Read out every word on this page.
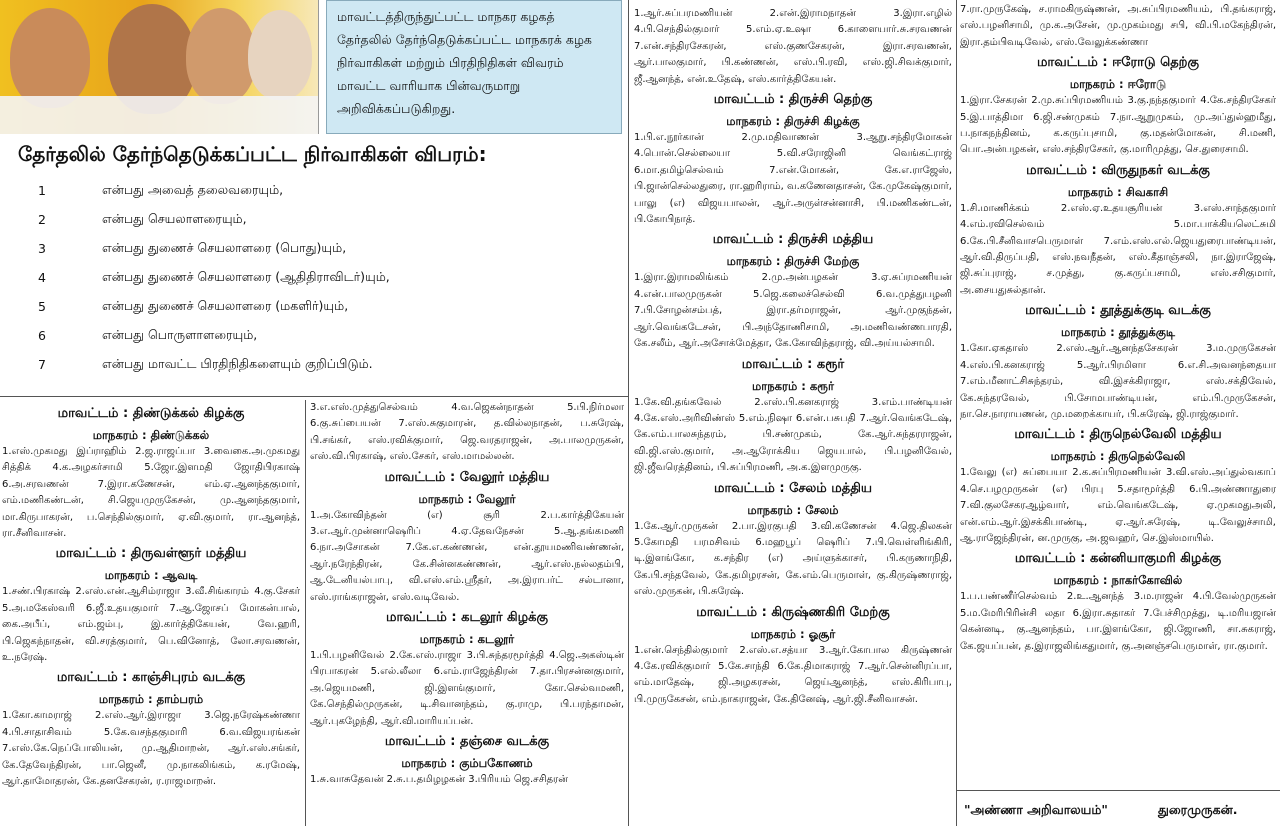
மாவட்டத்திருந்துட்பட்ட மாநகர கழகத் தேர்தலில் தேர்ந்தெடுக்கப்பட்ட மாநகரக் கழக நிர்வாகிகள் மற்றும் பிரதிநிதிகள் விவரம் மாவட்ட வாரியாக பின்வருமாறு அறிவிக்கப்படுகிறது.
தேர்தலில் தேர்ந்தெடுக்கப்பட்ட நிர்வாகிகள் விபரம்:
1	என்பது அவைத் தலைவரையும்,
2	என்பது செயலாளரையும்,
3	என்பது துணைச் செயலாளரை (பொது)யும்,
4	என்பது துணைச் செயலாளரை (ஆதிதிராவிடர்)யும்,
5	என்பது துணைச் செயலாளரை (மகளிர்)யும்,
6	என்பது பொருளாளரையும்,
7	என்பது மாவட்ட பிரதிநிதிகளையும் குறிப்பிடும்.
மாவட்டம் : திண்டுக்கல் கிழக்கு
மாநகரம் : திண்டுக்கல்

1.எஸ்.முகமது இப்ராஹிம் 2.ஜ.ராஜப்பா 3.வைகை.அ.முகமது சித்திக் 4.க.அழகர்சாமி 5.ஜோ.இளமதி ஜோதிபிரகாஷ் 6.அ.சரவணன் 7.இரா.கணேசன், எம்.ஏ.ஆனந்தகுமார், எம்.மணிகண்டன், சி.ஜெயமுருகேசன், மு.ஆனந்தகுமார், மா.கிருபாகரன், ப.செந்தில்குமார், ஏ.வி.குமார், ரா.ஆனந்த், ரா.சீனிவாசன்.

மாவட்டம் : திருவள்ளூர் மத்திய
மாநகரம் : ஆவடி

1.சண்.பிரகாஷ் 2.எஸ்.என்.ஆசிம்ராஜா 3.வீ.சிங்காரம் 4.கு.சேகர் 5.அ.மகேஸ்வரி 6.ஜீ.உதயகுமார் 7.ஆ.ஜோசப் மோகன்பால், கை.அபீப், எம்.ஜம்பு, இ.கார்த்திகேயன், வே.ஹரி, பி.ஜெகந்நாதன், வி.சரத்குமார், பெ.வினோத், லோ.சரவணன், உ.நரேஷ்.

மாவட்டம் : காஞ்சிபுரம் வடக்கு
மாநகரம் : தாம்பரம்

1.கோ.காமராஜ் 2.எஸ்.ஆர்.இராஜா 3.ஜெ.நரேஷ்கண்ணா 4.பி.சாதாசிவம் 5.கே.வசந்தகுமாரி 6.வ.விஜயரங்கன் 7.எஸ்.கே.நெப்போலியன், மு.ஆதிமாறன், ஆர்.எஸ்.சங்கர், கே.தேவேந்திரன், பா.ஜெனீ, மு.நாகலிங்கம், க.ரமேஷ், ஆர்.தாமோதரன், கே.தனசேகரன், ர.ராஜமாறன்.

3.எ.எஸ்.முத்துசெல்வம் 4.வ.ஜெகன்நாதன் 5.பி.நிர்மலா 6.கு.சுப்பையன் 7.எஸ்.சுகுமாரன், த.வில்லநாதன், ப.சுரேஷ், பி.சங்கர், எஸ்.ரவிக்குமார், ஜெ.வரதராஜன், அ.பாலமுருகன், எஸ்.வி.பிரகாஷ், எஸ்.சேகர், எஸ்.மாமல்லன்.

மாவட்டம் : வேலூர் மத்திய
மாநகரம் : வேலூர்

1.அ.கோவிந்தன் (எ) சூரி 2.ப.கார்த்திகேயன் 3.எ.ஆர்.முன்னாஷெரிப் 4.ஏ.தேவநேசன் 5.ஆ.தங்கமணி 6.நா.அசோகன் 7.கே.எ.கண்ணன், என்.தூயமணிவண்ணன், ஆர்.நரேந்திரன், கே.சின்னகண்ணன், ஆர்.எஸ்.நல்லதம்பி, ஆ.டேனியல்பாபு, வி.எஸ்.எம்.ஸ்ரீதர், அ.இராபர்ட் சல்டானா, எஸ்.ராங்கராஜன், எஸ்.வடிவேல்.

மாவட்டம் : கடலூர் கிழக்கு
மாநகரம் : கடலூர்

1.பி.பழனிவேல் 2.கே.எஸ்.ராஜா 3.பி.சுந்தரமூர்த்தி 4.ஜெ.அகஸ்டின் பிரபாகரன் 5.எல்.லீலா 6.எம்.ராஜேந்திரன் 7.தா.பிரசன்னகுமார், அ.ஜெயமணி, ஜி.இளங்குமார், கோ.செல்வமணி, கே.செந்தில்முருகன், டி.சிவானந்தம், கு.ராமு, பி.பரந்தாமன், ஆர்.புகழேந்தி, ஆர்.வி.மாரியப்பன்.

மாவட்டம் : தஞ்சை வடக்கு
மாநகரம் : கும்பகோணம்

1.சு.வாசுதேவன் 2.சு.ப.தமிழழகன் 3.பிரியம் ஜெ.சசிதரன்

1.ஆர்.சுப்பரமணியன் 2.என்.இராமநாதன் 3.இரா.எழில் 4.பி.செந்தில்குமார் 5.எம்.ஏ.உஷா 6.காளையார்.சு.சரவணன் 7.என்.சந்திரசேகரன், எஸ்.குணசேகரன், இரா.சரவணன், ஆர்.பாலகுமார், பி.கண்ணன், எஸ்.பி.ரவி, எஸ்.ஜி.சிவக்குமார், ஜீ.ஆனந்த், என்.உதேஷ், எஸ்.கார்த்திகேயன்.

மாவட்டம் : திருச்சி தெற்கு
மாநகரம் : திருச்சி கிழக்கு

1.பி.எ.நூர்கான் 2.மு.மதிவாணன் 3.ஆறு.சந்திரமோகன் 4.பொன்.செல்லையா 5.வி.சரோஜினி வெங்கட்ராஜ் 6.மா.தமிழ்செல்வம் 7.என்.மோகன், கே.எ.ராஜேஸ், பி.ஜான்செல்லதுரை, ரா.ஹரிராம், வ.கணேனதாசன், கே.முகேஷ்குமார், பாலு (எ) விஜயபாலன், ஆர்.அருள்சன்னாசி, பி.மணிகண்டன், பி.கோபிநாத்.

மாவட்டம் : திருச்சி மத்திய
மாநகரம் : திருச்சி மேற்கு

1.இரா.இராமலிங்கம் 2.மு.அன்பழகன் 3.ஏ.சுப்ரமணியன் 4.என்.பாலமுருகன் 5.ஜெ.கலைச்செல்வி 6.வ.முத்துபழனி 7.பி.சோழன்சம்பத், இரா.தர்மராஜன், ஆர்.முகுந்தன், ஆர்.வெங்கடேசன், பி.அந்தோணிசாமி, அ.மணிவண்ணபாரதி, கே.சலீம், ஆர்.அசோக்மேத்தா, கே.கோவிந்தராஜ், வி.அய்யல்சாமி.

மாவட்டம் : கரூர்
மாநகரம் : கரூர்

1.கே.வி.தங்கவேல் 2.எஸ்.பி.கனகராஜ் 3.எம்.பாண்டியன் 4.கே.எஸ்.அரிவிண்ஸ் 5.எம்.நிஷா 6.என்.பசுபதி 7.ஆர்.வெங்கடேஷ், கே.எம்.பாலசுந்தரம், பி.சண்முகம், கே.ஆர்.சுந்தரராஜன், வி.ஜி.எஸ்.குமார், அ.ஆரோக்கிய ஜெயபால், பி.பழனிவேல், ஜி.ஜீவரெத்தினம், பி.சுப்பிரமணி, அ.க.இளமுருகு.

மாவட்டம் : சேலம் மத்திய
மாநகரம் : சேலம்

1.கே.ஆர்.முருகன் 2.பா.இரகுபதி 3.வி.கணேசன் 4.ஜெ.திலகன் 5.கோமதி பரமசிவம் 6.மஹபூப் ஷெரிப் 7.பி.வெள்ளிங்கிரி, டி.இளங்கோ, க.சந்திர (எ) அய்ளுக்காசர், பி.கருணாநிதி, கே.பி.சந்தவேல், கே.தமிழரசன், கே.எம்.பெருமாள், கு.கிருஷ்ணராஜ், எஸ்.முருகன், பி.சுரேஷ்.

மாவட்டம் : கிருஷ்ணகிரி மேற்கு
மாநகரம் : ஓசூர்

1.என்.செந்தில்குமார் 2.எஸ்.எ.சத்யா 3.ஆர்.கோபால கிருஷ்ணன் 4.கே.ரவிக்குமார் 5.கே.சாந்தி 6.கே.திமாகராஜ் 7.ஆர்.சென்னிரப்பா, எம்.மாதேஷ், ஜி.அழகரசன், ஜெய்ஆனந்த், எஸ்.கிரிபாபு, பி.முருகேசன், எம்.நாகராஜன், கே.தினேஷ், ஆர்.ஜி.சீனிவாசன்.

7.ரா.முருகேஷ், ச.ராமகிருஷ்ணன், அ.சுப்பிரமணியம், பி.தங்கராஜ், எஸ்.பழனிசாமி, மு.க.அசேன், மு.முகம்மது சபி, வி.பி.மகேந்திரன், இரா.தம்பிவடிவேல், எஸ்.வேலுக்கண்ணா

மாவட்டம் : ஈரோடு தெற்கு
மாநகரம் : ஈரோடு

1.இரா.சேகரன் 2.மு.சுப்பிரமணியம் 3.கு.நந்தகுமார் 4.கே.சந்திரசேகர் 5.இ.பாத்திமா 6.ஜி.சண்முகம் 7.நா.ஆறுமுகம், மு.அப்துல்ஹமீது, ப.நாகநந்தினம், க.கருப்புசாமி, கு.மதன்மோகன், சி.மணி, பொ.அன்பழகன், எஸ்.சந்திரசேகர், கு.மாரிமுத்து, செ.துரைசாமி.

மாவட்டம் : விருதுநகர் வடக்கு
மாநகரம் : சிவகாசி

1.சி.மாணிக்கம் 2.எஸ்.ஏ.உதயசூரியன் 3.எஸ்.சாந்தகுமார் 4.எம்.ரவிசெல்வம் 5.மா.பாக்கியலெட்சுமி 6.கே.பி.சீனிவாசபெருமாள் 7.எம்.எஸ்.எல்.ஜெயதுரைபாண்டியன், ஆர்.வி.திருப்பதி, எஸ்.நவநீதன், எஸ்.கீதாஞ்சலி, நா.இராஜேஷ், ஜி.சுப்புராஜ், ச.முத்து, கு.கருப்பசாமி, எஸ்.சசிகுமார், அ.சையதுசுல்தான்.

மாவட்டம் : தூத்துக்குடி வடக்கு
மாநகரம் : தூத்துக்குடி

1.கோ.ஏகதாஸ் 2.எஸ்.ஆர்.ஆனந்தசேகரன் 3.ம.முருகேசன் 4.எஸ்.பி.கனகராஜ் 5.ஆர்.பிரமிளா 6.எ.சி.அவனந்தையா 7.எம்.மீனாட்சிசுந்தரம், வி.இசக்கிராஜா, எஸ்.சக்திவேல், கே.சுந்தரவேல், பி.சோமபாண்டியன், எம்.பி.முருகேசன், நா.செ.நாராயணன், மு.மறைக்காயர், பி.சுரேஷ், ஜி.ராஜ்குமார்.

மாவட்டம் : திருநெல்வேலி மத்திய
மாநகரம் : திருநெல்வேலி

1.வேலு (எ) சுப்பையா 2.க.சுப்பிரமணியன் 3.வி.எஸ்.அப்துல்வகாப் 4.செ.பழமுருகன் (எ) பிரபு 5.சதாமூர்த்தி 6.பி.அண்ணாதுரை 7.வி.குலசேகரஆழ்வார், எம்.வெங்கடேஷ், ஏ.முகமதுஅலி, என்.எம்.ஆர்.இசக்கிபாண்டி, ஏ.ஆர்.சுரேஷ், டி.வேலுச்சாமி, ஆ.ராஜேந்திரன், ன.முருகு, அ.ஜவஹர், செ.இஸ்மாயில்.

மாவட்டம் : கன்னியாகுமரி கிழக்கு
மாநகரம் : நாகர்கோவில்

1.ப.பண்ணீர்செல்வம் 2.உ.ஆனந்த் 3.ம.ராஜன் 4.பி.வேல்முருகன் 5.ம.மேரிபிரின்சி லதா 6.இரா.சுதாகர் 7.பேச்சிமுத்து, டி.மரியஜான் கென்னடி, கு.ஆனந்தம், பா.இளங்கோ, ஜி.ஜோணி, சா.சுகராஜ், கே.ஜயப்பன், த.இராஜலிங்கதுமார், கு.அனஞ்சபெருமாள், ரா.குமார்.

"அண்ணா அறிவாலயம்"	துரைமுருகன்.
